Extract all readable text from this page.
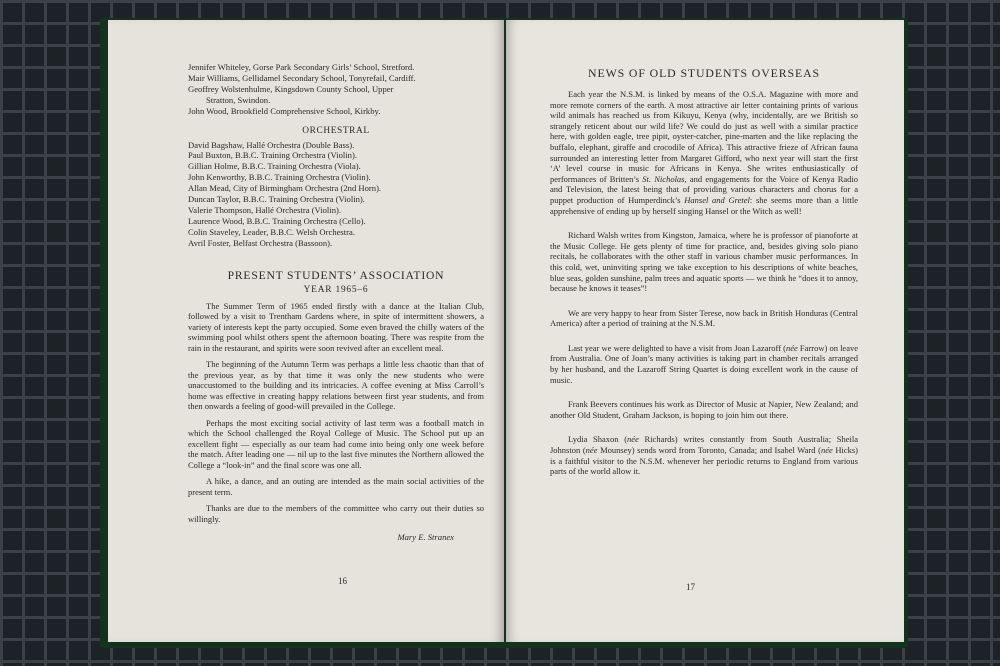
Jennifer Whiteley, Gorse Park Secondary Girls’ School, Stretford.
Mair Williams, Gellidamel Secondary School, Tonyrefail, Cardiff.
Geoffrey Wolstenhulme, Kingsdown County School, Upper
Stratton, Swindon.
John Wood, Brookfield Comprehensive School, Kirkby.
ORCHESTRAL
David Bagshaw, Hallé Orchestra (Double Bass).
Paul Buxton, B.B.C. Training Orchestra (Violin).
Gillian Holme, B.B.C. Training Orchestra (Viola).
John Kenworthy, B.B.C. Training Orchestra (Violin).
Allan Mead, City of Birmingham Orchestra (2nd Horn).
Duncan Taylor, B.B.C. Training Orchestra (Violin).
Valerie Thompson, Hallé Orchestra (Violin).
Laurence Wood, B.B.C. Training Orchestra (Cello).
Colin Staveley, Leader, B.B.C. Welsh Orchestra.
Avril Foster, Belfast Orchestra (Bassoon).
PRESENT STUDENTS’ ASSOCIATION
YEAR 1965–6

The Summer Term of 1965 ended firstly with a dance at the Italian Club, followed by a visit to Trentham Gardens where, in spite of intermittent showers, a variety of interests kept the party occupied. Some even braved the chilly waters of the swimming pool whilst others spent the afternoon boating. There was respite from the rain in the restaurant, and spirits were soon revived after an excellent meal.

The beginning of the Autumn Term was perhaps a little less chaotic than that of the previous year, as by that time it was only the new students who were unaccustomed to the building and its intricacies. A coffee evening at Miss Carroll’s home was effective in creating happy relations between first year students, and from then onwards a feeling of good-will prevailed in the College.

Perhaps the most exciting social activity of last term was a football match in which the School challenged the Royal College of Music. The School put up an excellent fight — especially as our team had come into being only one week before the match. After leading one — nil up to the last five minutes the Northern allowed the College a “look-in” and the final score was one all.

A hike, a dance, and an outing are intended as the main social activities of the present term.

Thanks are due to the members of the committee who carry out their duties so willingly.

Mary E. Stranex
16
NEWS OF OLD STUDENTS OVERSEAS

Each year the N.S.M. is linked by means of the O.S.A. Magazine with more and more remote corners of the earth. A most attractive air letter containing prints of various wild animals has reached us from Kikuyu, Kenya (why, incidentally, are we British so strangely reticent about our wild life? We could do just as well with a similar practice here, with golden eagle, tree pipit, oyster-catcher, pine-marten and the like replacing the buffalo, elephant, giraffe and crocodile of Africa). This attractive frieze of African fauna surrounded an interesting letter from Margaret Gifford, who next year will start the first ‘A’ level course in music for Africans in Kenya. She writes enthusiastically of performances of Britten’s St. Nicholas, and engagements for the Voice of Kenya Radio and Television, the latest being that of providing various characters and chorus for a puppet production of Humperdinck’s Hansel and Gretel: she seems more than a little apprehensive of ending up by herself singing Hansel or the Witch as well!

Richard Walsh writes from Kingston, Jamaica, where he is professor of pianoforte at the Music College. He gets plenty of time for practice, and, besides giving solo piano recitals, he collaborates with the other staff in various chamber music performances. In this cold, wet, uninviting spring we take exception to his descriptions of white beaches, blue seas, golden sunshine, palm trees and aquatic sports — we think he “does it to annoy, because he knows it teases”!

We are very happy to hear from Sister Terese, now back in British Honduras (Central America) after a period of training at the N.S.M.

Last year we were delighted to have a visit from Joan Lazaroff (née Farrow) on leave from Australia. One of Joan’s many activities is taking part in chamber recitals arranged by her husband, and the Lazaroff String Quartet is doing excellent work in the cause of music.

Frank Beevers continues his work as Director of Music at Napier, New Zealand; and another Old Student, Graham Jackson, is hoping to join him out there.

Lydia Shaxon (née Richards) writes constantly from South Australia; Sheila Johnston (née Mounsey) sends word from Toronto, Canada; and Isabel Ward (née Hicks) is a faithful visitor to the N.S.M. whenever her periodic returns to England from various parts of the world allow it.

17
